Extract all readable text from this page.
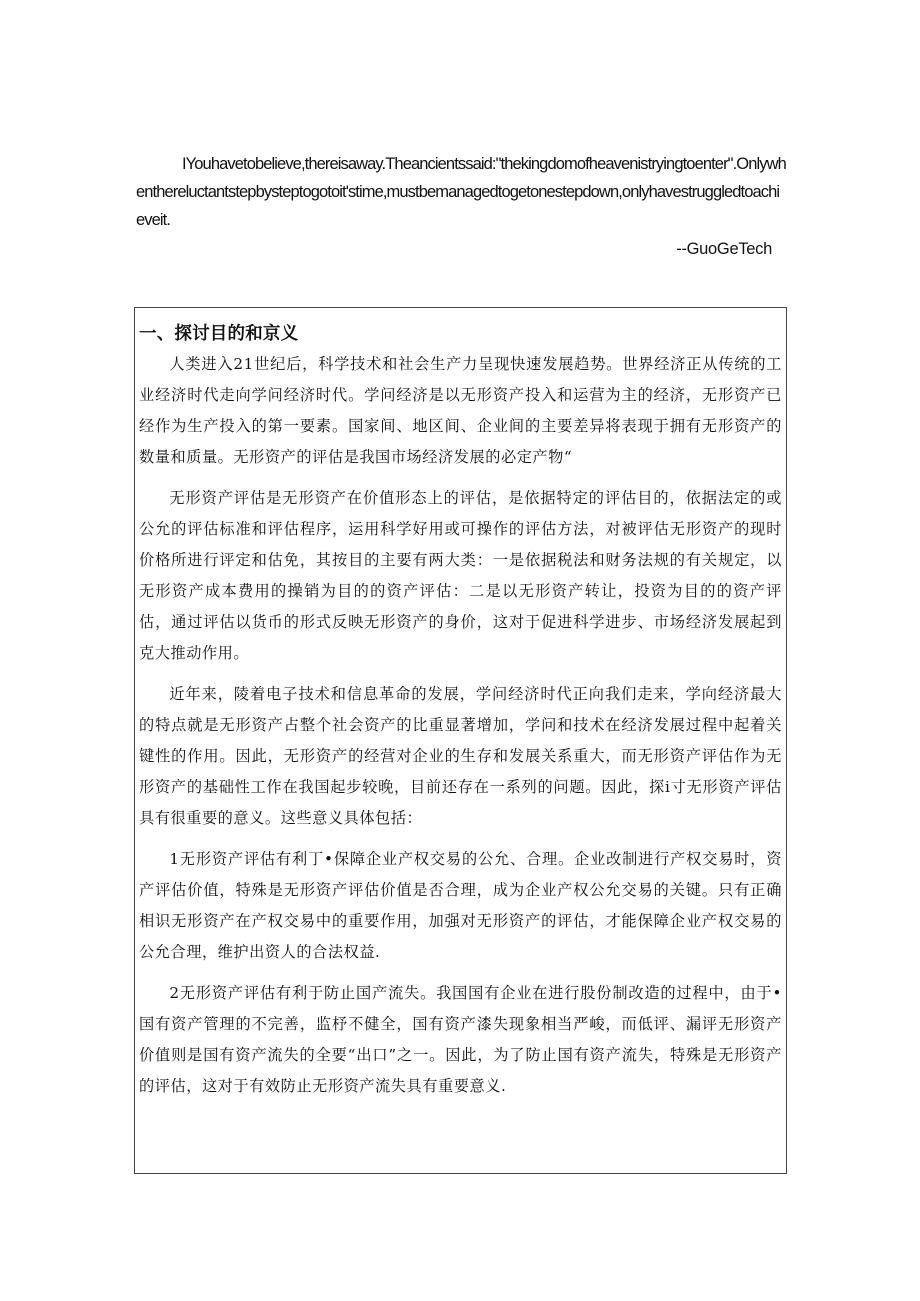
IYouhavetobelieve,thereisaway.Theancientssaid:"thekingdomofheavenistryingtoenter".Onlywhenthereluctantstepbysteptogotoit'stime,mustbemanagedtogetonestepdown,onlyhavestruggledtoachieveit.

--GuoGeTech

一、探讨目的和京义

人类进入21世纪后，科学技术和社会生产力呈现快速发展趋势。世界经济正从传统的工业经济时代走向学问经济时代。学问经济是以无形资产投入和运营为主的经济，无形资产已经作为生产投入的第一要素。国家间、地区间、企业间的主要差异将表现于拥有无形资产的数量和质量。无形资产的评估是我国市场经济发展的必定产物“

无形资产评估是无形资产在价值形态上的评估，是依据特定的评估目的，依据法定的或公允的评估标准和评估程序，运用科学好用或可操作的评估方法，对被评估无形资产的现时价格所进行评定和估免，其按目的主要有两大类：一是依据税法和财务法规的有关规定，以无形资产成本费用的操销为目的的资产评估：二是以无形资产转让，投资为目的的资产评估，通过评估以货币的形式反映无形资产的身价，这对于促进科学进步、市场经济发展起到克大推动作用。

近年来，陵着电子技术和信息革命的发展，学问经济时代正向我们走来，学向经济最大的特点就是无形资产占整个社会资产的比重显著增加，学问和技术在经济发展过程中起着关键性的作用。因此，无形资产的经营对企业的生存和发展关系重大，而无形资产评估作为无形资产的基础性工作在我国起步较晚，目前还存在一系列的问题。因此，探i寸无形资产评估具有很重要的意义。这些意义具体包括：

1无形资产评估有利丁•保障企业产权交易的公允、合理。企业改制进行产权交易时，资产评估价值，特殊是无形资产评估价值是否合理，成为企业产权公允交易的关键。只有正确相识无形资产在产权交易中的重要作用，加强对无形资产的评估，才能保障企业产权交易的公允合理，维护出资人的合法权益.

2无形资产评估有利于防止国产流失。我国国有企业在进行股份制改造的过程中，由于•国有资产管理的不完善，监杼不健全，国有资产漆失现象相当严峻，而低评、漏评无形资产价值则是国有资产流失的全要“出口”之一。因此，为了防止国有资产流失，特殊是无形资产的评估，这对于有效防止无形资产流失具有重要意义.
